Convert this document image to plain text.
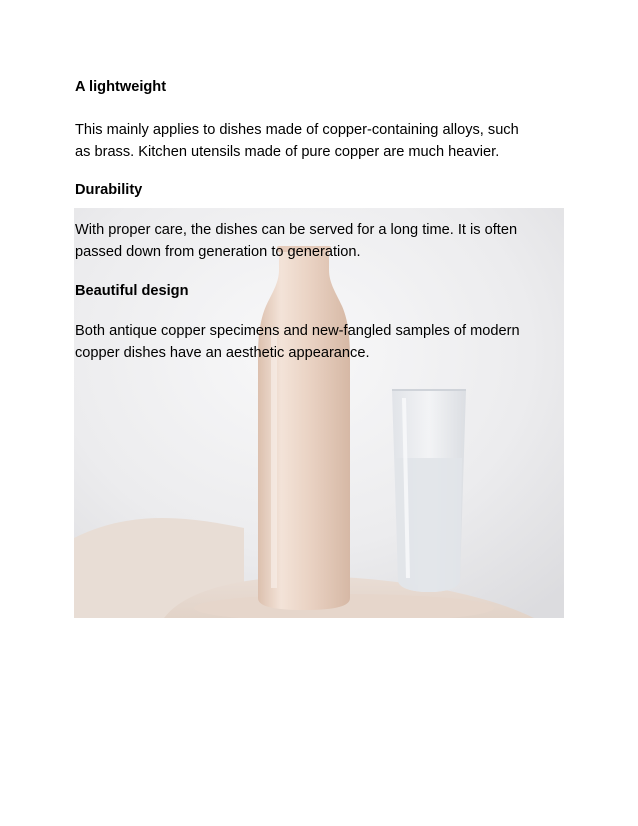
A lightweight

This mainly applies to dishes made of copper-containing alloys, such
as brass. Kitchen utensils made of pure copper are much heavier.

Durability

With proper care, the dishes can be served for a long time. It is often
passed down from generation to generation.

Beautiful design

Both antique copper specimens and new-fangled samples of modern
copper dishes have an aesthetic appearance.
